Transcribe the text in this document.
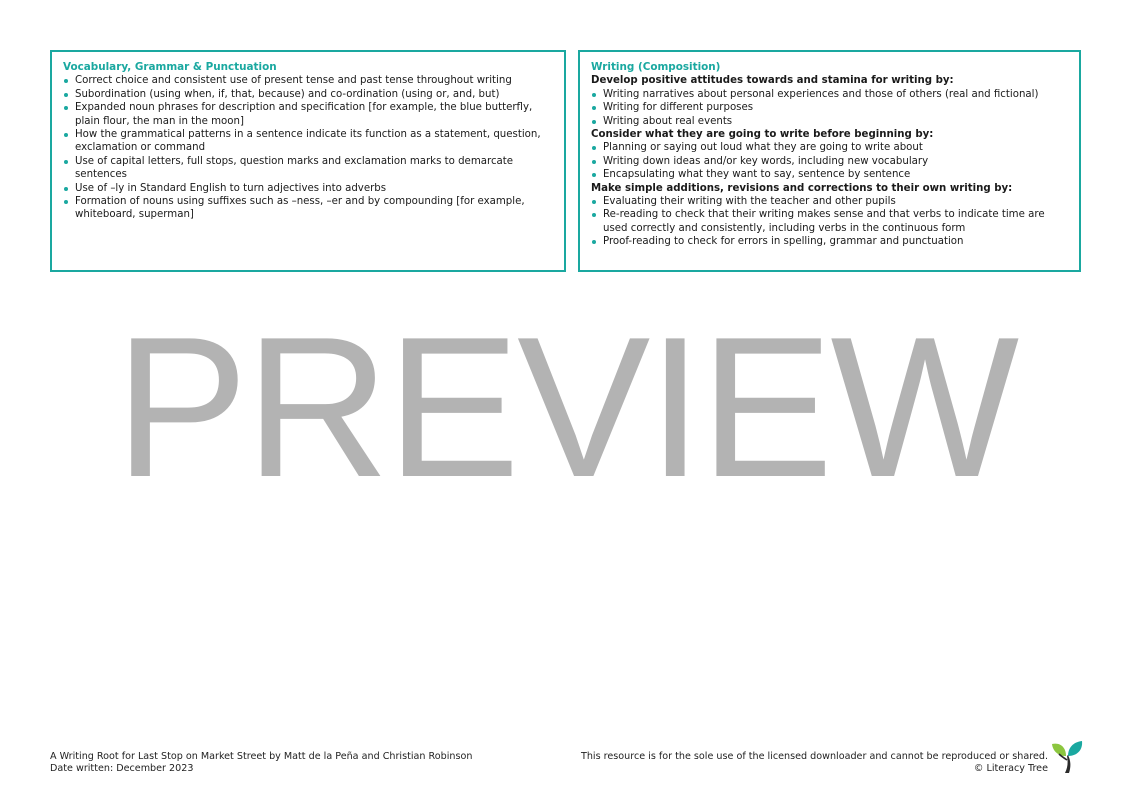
Vocabulary, Grammar & Punctuation

Correct choice and consistent use of present tense and past tense throughout writing
Subordination (using when, if, that, because) and co-ordination (using or, and, but)
Expanded noun phrases for description and specification [for example, the blue butterfly, plain flour, the man in the moon]
How the grammatical patterns in a sentence indicate its function as a statement, question, exclamation or command
Use of capital letters, full stops, question marks and exclamation marks to demarcate sentences
Use of –ly in Standard English to turn adjectives into adverbs
Formation of nouns using suffixes such as –ness, –er and by compounding [for example, whiteboard, superman]

Writing (Composition)

Develop positive attitudes towards and stamina for writing by:

Writing narratives about personal experiences and those of others (real and fictional)
Writing for different purposes
Writing about real events

Consider what they are going to write before beginning by:

Planning or saying out loud what they are going to write about
Writing down ideas and/or key words, including new vocabulary
Encapsulating what they want to say, sentence by sentence

Make simple additions, revisions and corrections to their own writing by:

Evaluating their writing with the teacher and other pupils
Re-reading to check that their writing makes sense and that verbs to indicate time are used correctly and consistently, including verbs in the continuous form
Proof-reading to check for errors in spelling, grammar and punctuation
PREVIEW
A Writing Root for Last Stop on Market Street by Matt de la Peña and Christian Robinson
Date written: December 2023
This resource is for the sole use of the licensed downloader and cannot be reproduced or shared.
© Literacy Tree
